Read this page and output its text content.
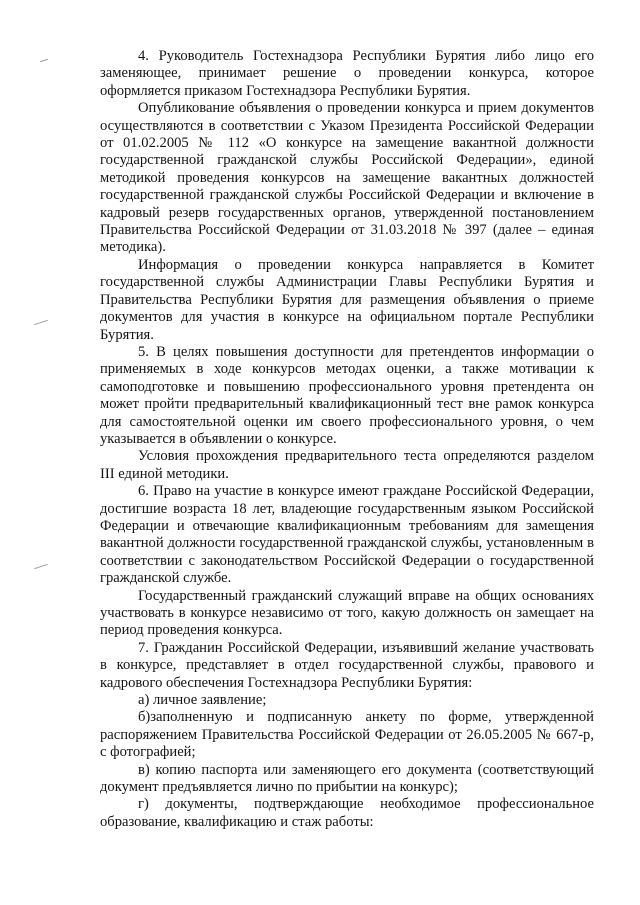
4. Руководитель Гостехнадзора Республики Бурятия либо лицо его заменяющее, принимает решение о проведении конкурса, которое оформляется приказом Гостехнадзора Республики Бурятия.

Опубликование объявления о проведении конкурса и прием документов осуществляются в соответствии с Указом Президента Российской Федерации от 01.02.2005 № 112 «О конкурсе на замещение вакантной должности государственной гражданской службы Российской Федерации», единой методикой проведения конкурсов на замещение вакантных должностей государственной гражданской службы Российской Федерации и включение в кадровый резерв государственных органов, утвержденной постановлением Правительства Российской Федерации от 31.03.2018 № 397 (далее – единая методика).

Информация о проведении конкурса направляется в Комитет государственной службы Администрации Главы Республики Бурятия и Правительства Республики Бурятия для размещения объявления о приеме документов для участия в конкурсе на официальном портале Республики Бурятия.

5. В целях повышения доступности для претендентов информации о применяемых в ходе конкурсов методах оценки, а также мотивации к самоподготовке и повышению профессионального уровня претендента он может пройти предварительный квалификационный тест вне рамок конкурса для самостоятельной оценки им своего профессионального уровня, о чем указывается в объявлении о конкурсе.

Условия прохождения предварительного теста определяются разделом III единой методики.

6. Право на участие в конкурсе имеют граждане Российской Федерации, достигшие возраста 18 лет, владеющие государственным языком Российской Федерации и отвечающие квалификационным требованиям для замещения вакантной должности государственной гражданской службы, установленным в соответствии с законодательством Российской Федерации о государственной гражданской службе.

Государственный гражданский служащий вправе на общих основаниях участвовать в конкурсе независимо от того, какую должность он замещает на период проведения конкурса.

7. Гражданин Российской Федерации, изъявивший желание участвовать в конкурсе, представляет в отдел государственной службы, правового и кадрового обеспечения Гостехнадзора Республики Бурятия:

а) личное заявление;

б)заполненную и подписанную анкету по форме, утвержденной распоряжением Правительства Российской Федерации от 26.05.2005 № 667-р, с фотографией;

в) копию паспорта или заменяющего его документа (соответствующий документ предъявляется лично по прибытии на конкурс);

г) документы, подтверждающие необходимое профессиональное образование, квалификацию и стаж работы:
